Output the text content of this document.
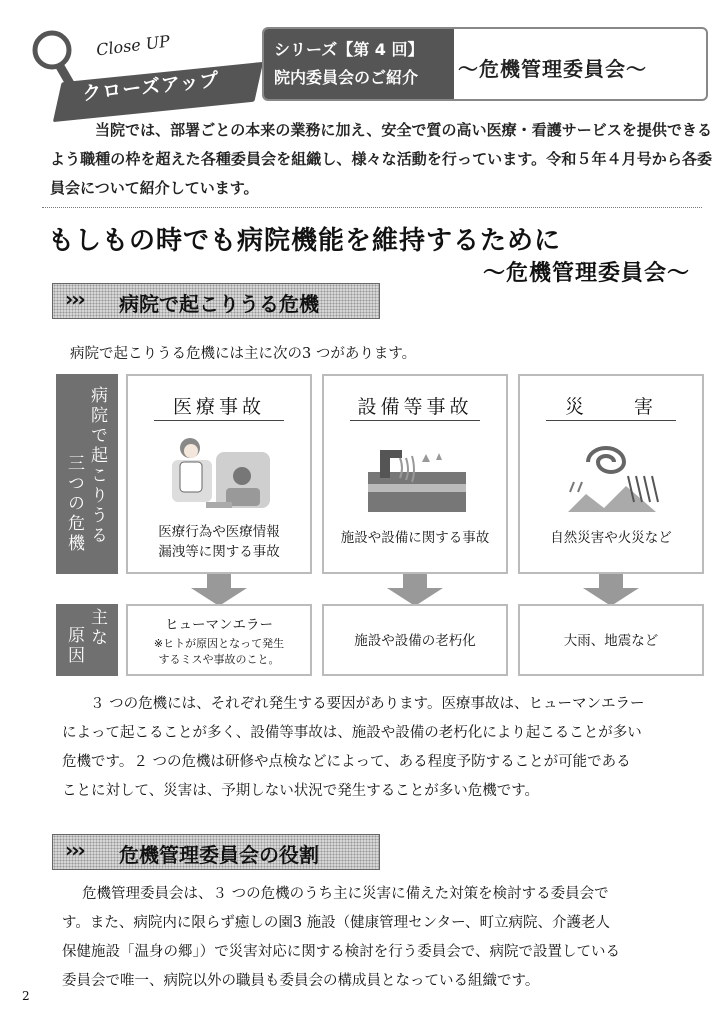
Close UP
クローズアップ
シリーズ【第 4 回】
院内委員会のご紹介 ～危機管理委員会～

当院では、部署ごとの本来の業務に加え、安全で質の高い医療・看護サービスを提供できるよう職種の枠を超えた各種委員会を組織し、様々な活動を行っています。令和５年４月号から各委員会について紹介しています。

もしもの時でも病院機能を維持するために
～危機管理委員会～
››› 病院で起こりうる危機
病院で起こりうる危機には主に次の3 つがあります。
病院で起こりうる
三つの危機
医療事故
医療行為や医療情報
漏洩等に関する事故
設備等事故
施設や設備に関する事故
災　　害
自然災害や火災など
主な
原因
ヒューマンエラー
※ヒトが原因となって発生
するミスや事故のこと。
施設や設備の老朽化	大雨、地震など
３ つの危機には、それぞれ発生する要因があります。医療事故は、ヒューマンエラー
によって起こることが多く、設備等事故は、施設や設備の老朽化により起こることが多い
危機です。２ つの危機は研修や点検などによって、ある程度予防することが可能である
ことに対して、災害は、予期しない状況で発生することが多い危機です。
››› 危機管理委員会の役割
危機管理委員会は、３ つの危機のうち主に災害に備えた対策を検討する委員会で
す。また、病院内に限らず癒しの園3 施設（健康管理センター、町立病院、介護老人
保健施設「温身の郷」）で災害対応に関する検討を行う委員会で、病院で設置している
委員会で唯一、病院以外の職員も委員会の構成員となっている組織です。
2
